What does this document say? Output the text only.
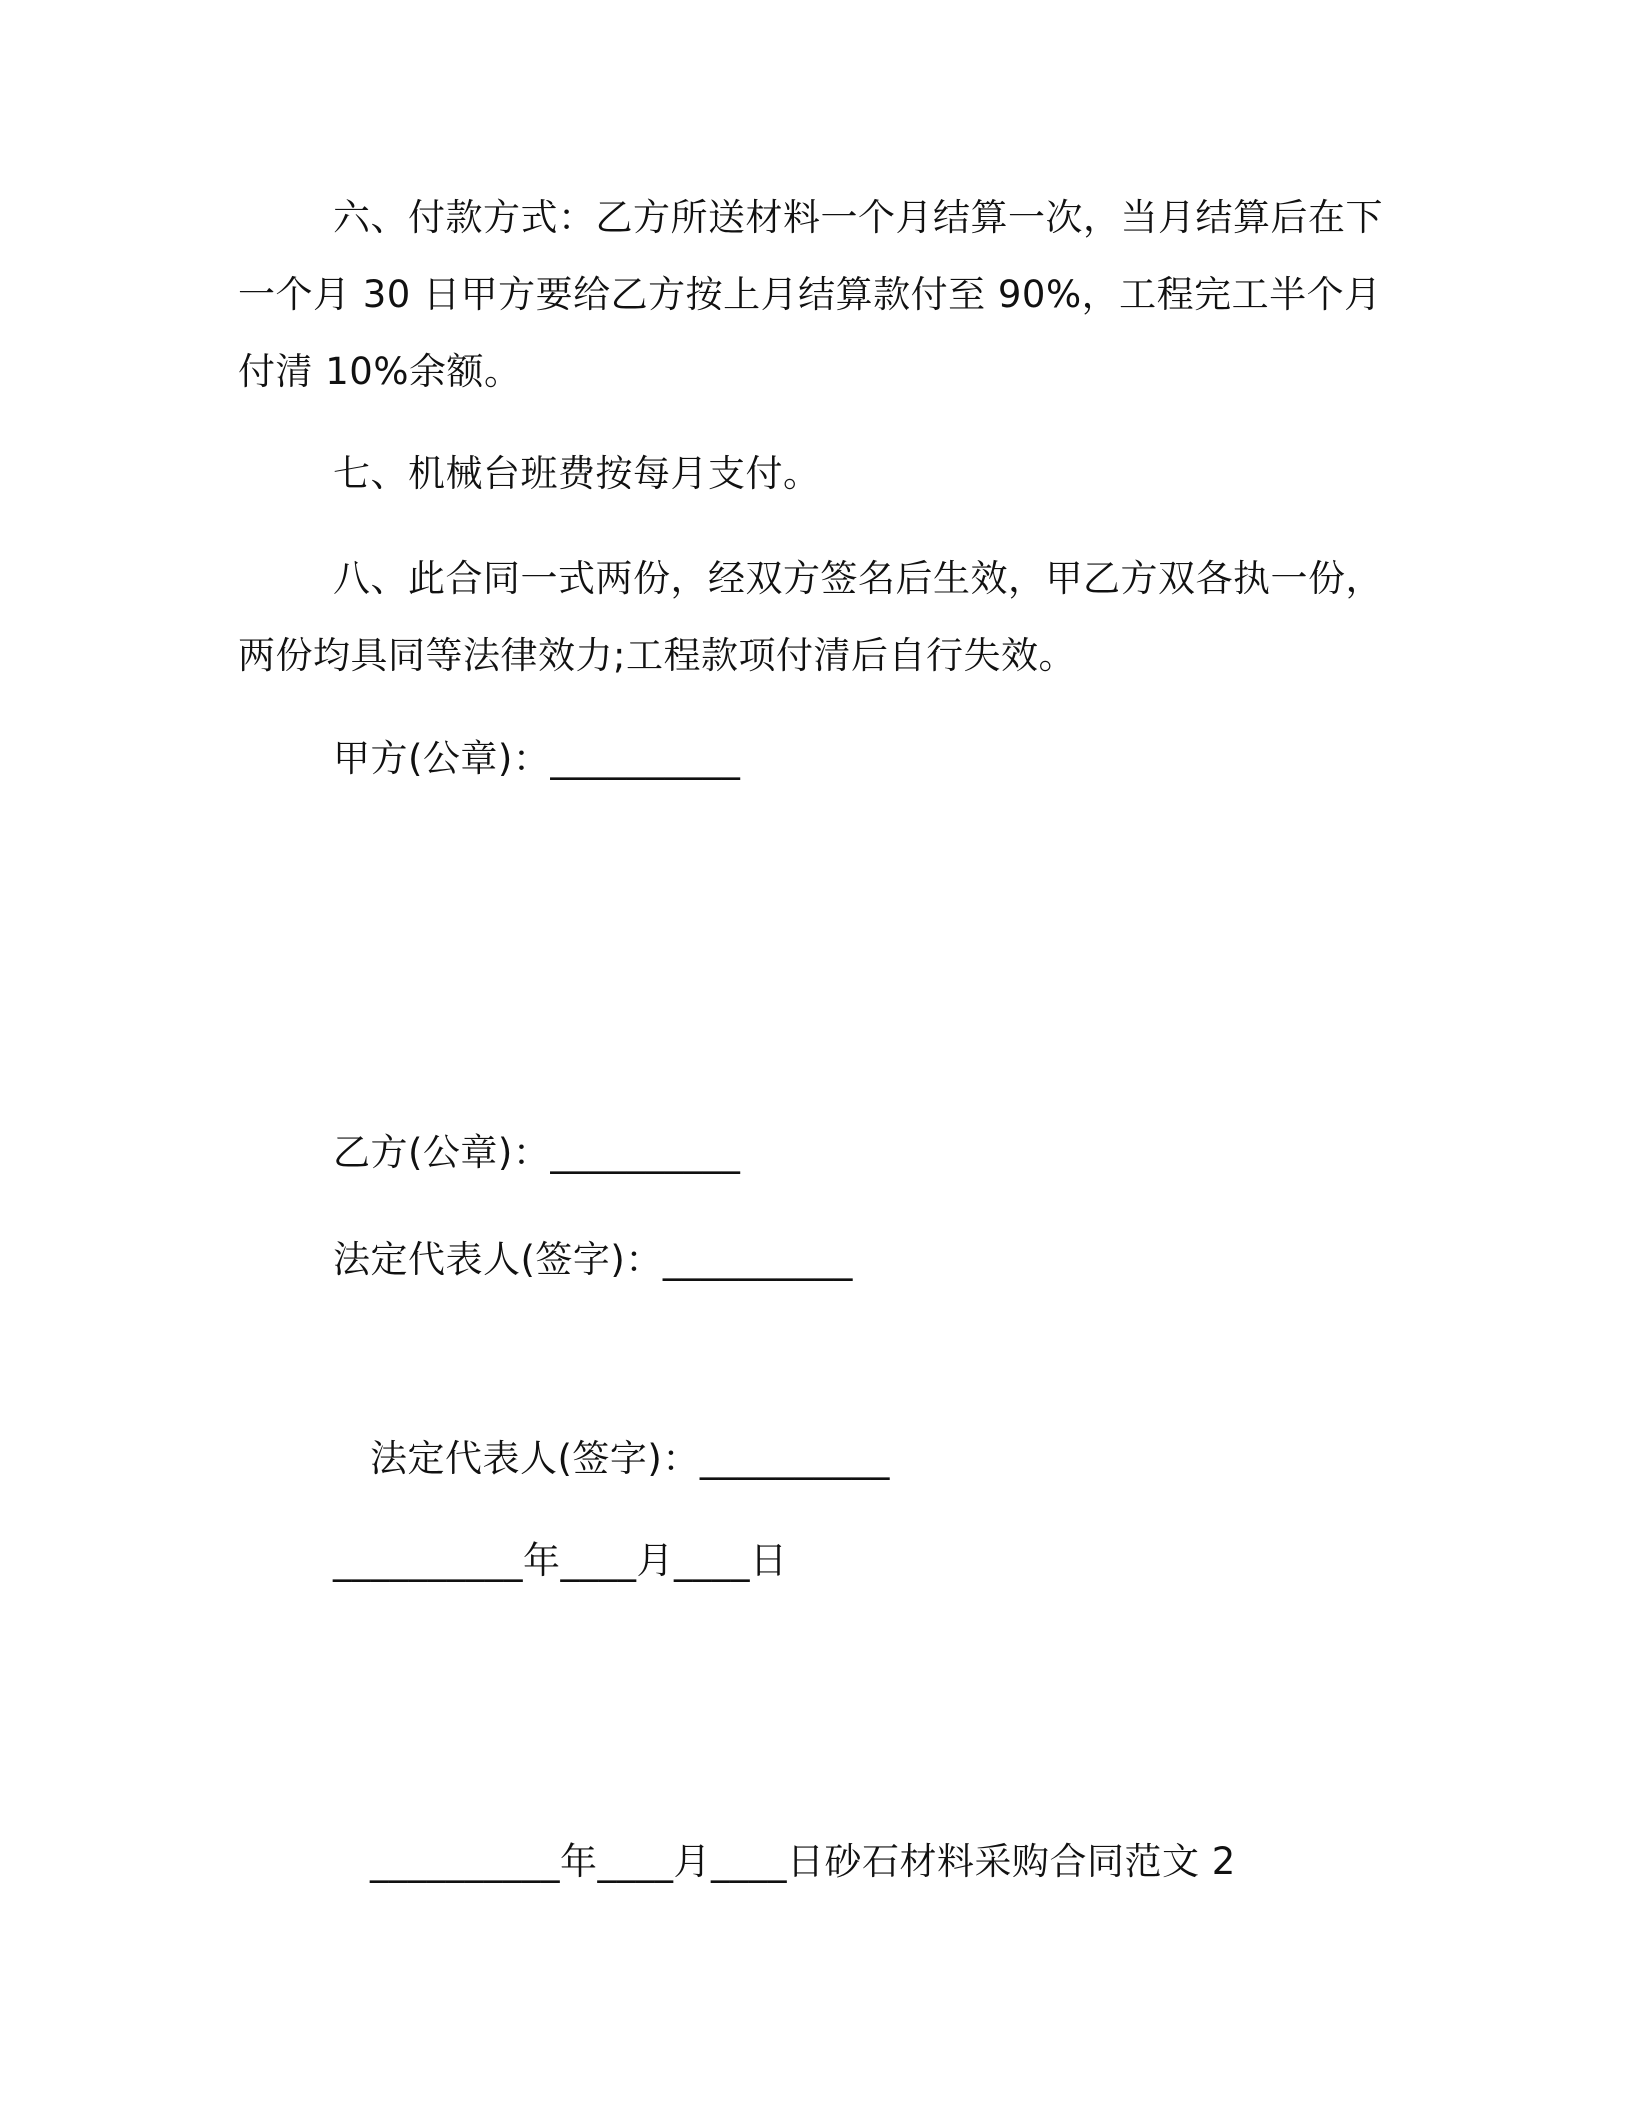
六、付款方式：乙方所送材料一个月结算一次，当月结算后在下
一个月 30 日甲方要给乙方按上月结算款付至 90%，工程完工半个月
付清 10%余额。
七、机械台班费按每月支付。
八、此合同一式两份，经双方签名后生效，甲乙方双各执一份，
两份均具同等法律效力;工程款项付清后自行失效。
甲方(公章)：__________
乙方(公章)：__________
法定代表人(签字)：__________
法定代表人(签字)：__________
__________年____月____日
__________年____月____日砂石材料采购合同范文 2
